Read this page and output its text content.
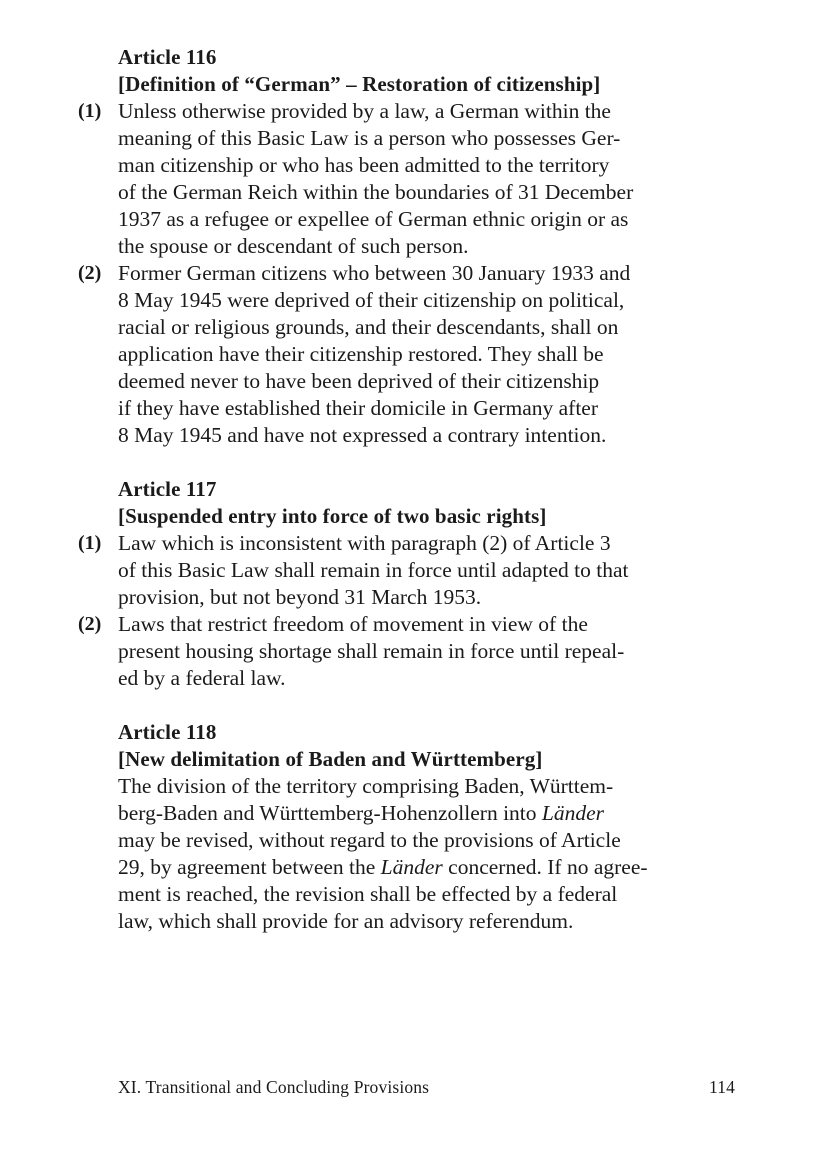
Article 116
[Definition of “German” – Restoration of citizenship]
(1) Unless otherwise provided by a law, a German within the
meaning of this Basic Law is a person who possesses Ger-
man citizenship or who has been admitted to the territory
of the German Reich within the boundaries of 31 December
1937 as a refugee or expellee of German ethnic origin or as
the spouse or descendant of such person.
(2) Former German citizens who between 30 January 1933 and
8 May 1945 were deprived of their citizenship on political,
racial or religious grounds, and their descendants, shall on
application have their citizenship restored. They shall be
deemed never to have been deprived of their citizenship
if they have established their domicile in Germany after
8 May 1945 and have not expressed a contrary intention.
Article 117
[Suspended entry into force of two basic rights]
(1) Law which is inconsistent with paragraph (2) of Article 3
of this Basic Law shall remain in force until adapted to that
provision, but not beyond 31 March 1953.
(2) Laws that restrict freedom of movement in view of the
present housing shortage shall remain in force until repeal-
ed by a federal law.
Article 118
[New delimitation of Baden and Württemberg]
The division of the territory comprising Baden, Württem-
berg-Baden and Württemberg-Hohenzollern into Länder
may be revised, without regard to the provisions of Article
29, by agreement between the Länder concerned. If no agree-
ment is reached, the revision shall be effected by a federal
law, which shall provide for an advisory referendum.
XI. Transitional and Concluding Provisions	114
